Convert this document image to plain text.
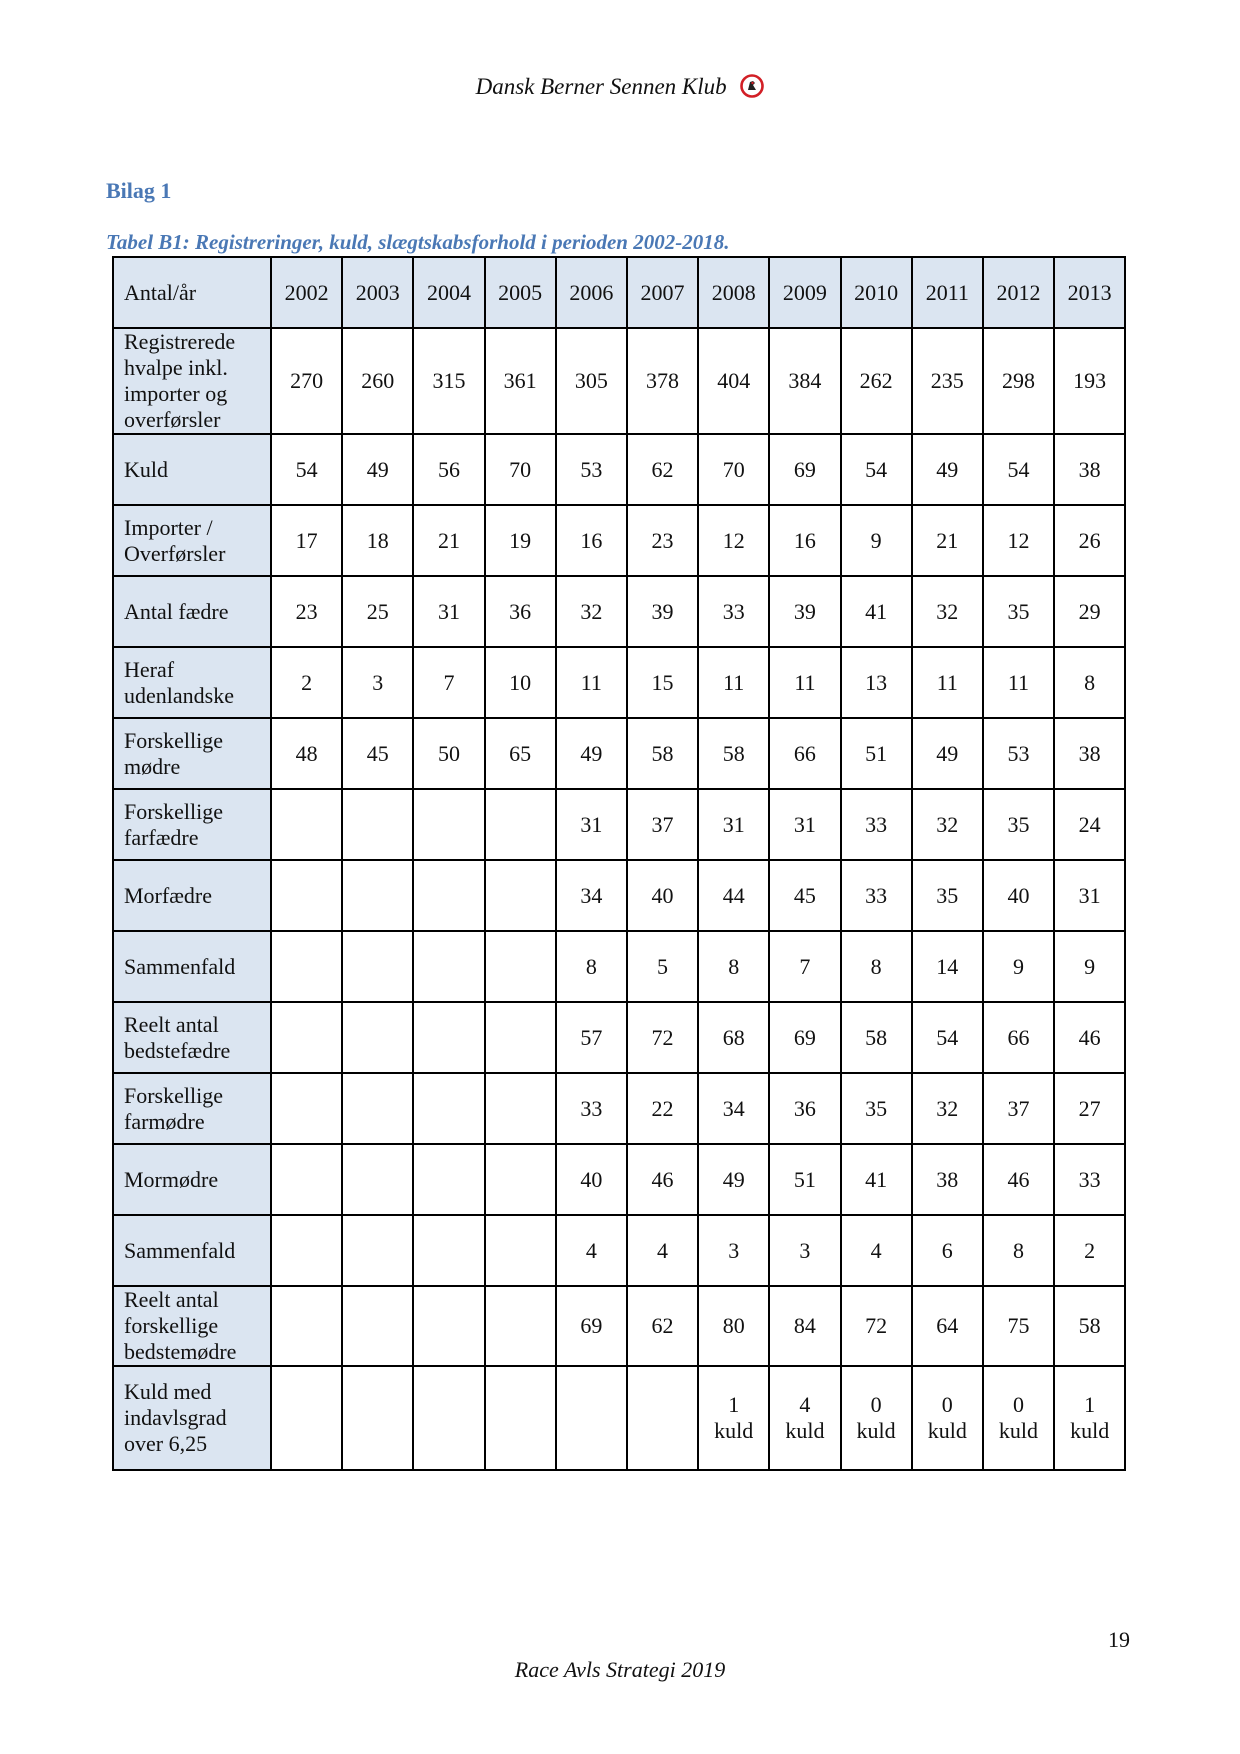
Dansk Berner Sennen Klub
Bilag 1
Tabel B1: Registreringer, kuld, slægtskabsforhold i perioden 2002-2018.
Antal/år	2002	2003	2004	2005	2006	2007	2008	2009	2010	2011	2012	2013
Registrerede hvalpe inkl. importer og overførsler	270	260	315	361	305	378	404	384	262	235	298	193
Kuld	54	49	56	70	53	62	70	69	54	49	54	38
Importer / Overførsler	17	18	21	19	16	23	12	16	9	21	12	26
Antal fædre	23	25	31	36	32	39	33	39	41	32	35	29
Heraf udenlandske	2	3	7	10	11	15	11	11	13	11	11	8
Forskellige mødre	48	45	50	65	49	58	58	66	51	49	53	38
Forskellige farfædre					31	37	31	31	33	32	35	24
Morfædre					34	40	44	45	33	35	40	31
Sammenfald					8	5	8	7	8	14	9	9
Reelt antal bedstefædre					57	72	68	69	58	54	66	46
Forskellige farmødre					33	22	34	36	35	32	37	27
Mormødre					40	46	49	51	41	38	46	33
Sammenfald					4	4	3	3	4	6	8	2
Reelt antal forskellige bedstemødre					69	62	80	84	72	64	75	58
Kuld med indavlsgrad over 6,25							1 kuld	4 kuld	0 kuld	0 kuld	0 kuld	1 kuld
19
Race Avls Strategi 2019
